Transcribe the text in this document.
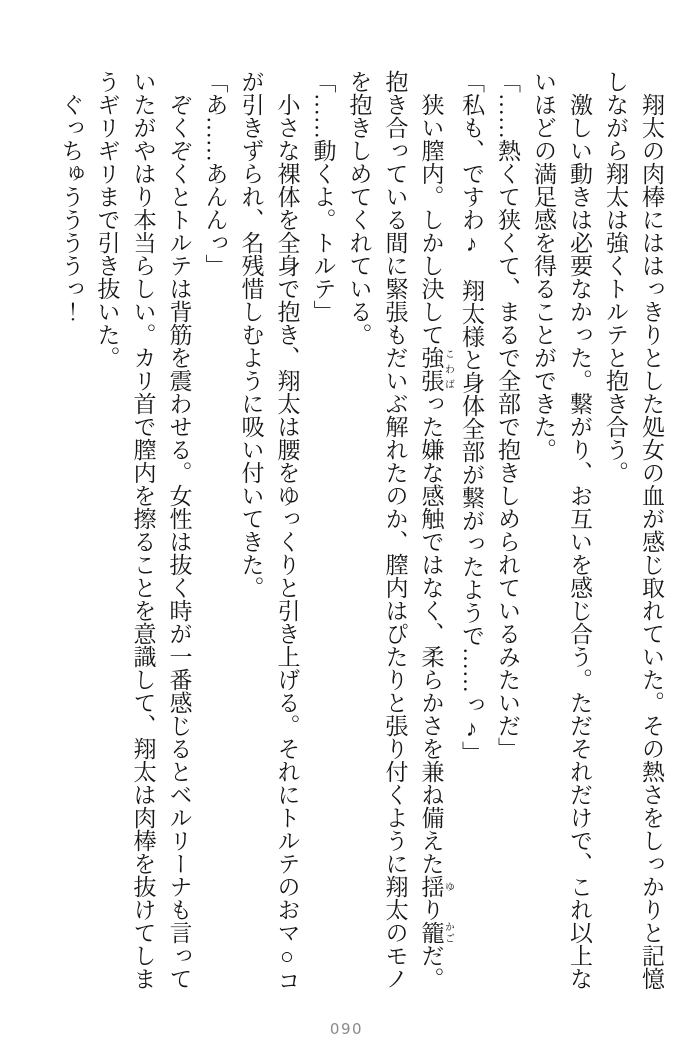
翔太の肉棒にははっきりとした処女の血が感じ取れていた。その熱さをしっかりと記憶しながら翔太は強くトルテと抱き合う。

激しい動きは必要なかった。繋がり、お互いを感じ合う。ただそれだけで、これ以上ないほどの満足感を得ることができた。

「……熱くて狭くて、まるで全部で抱きしめられているみたいだ」

「私も、ですわ♪　翔太様と身体全部が繋がったようで……っ♪」

狭い膣内。しかし決して強張 こわばった嫌な感触ではなく、柔らかさを兼ね備えた揺 ゆり籠 かごだ。抱き合っている間に緊張もだいぶ解れたのか、膣内はぴたりと張り付くように翔太のモノを抱きしめてくれている。

「……動くよ。トルテ」

小さな裸体を全身で抱き、翔太は腰をゆっくりと引き上げる。それにトルテのおマ○コが引きずられ、名残惜しむように吸い付いてきた。

「あ……あんんっ」

ぞくぞくとトルテは背筋を震わせる。女性は抜く時が一番感じるとベルリーナも言っていたがやはり本当らしい。カリ首で膣内を擦ることを意識して、翔太は肉棒を抜けてしまうギリギリまで引き抜いた。

ぐっちゅううううっ！

090
